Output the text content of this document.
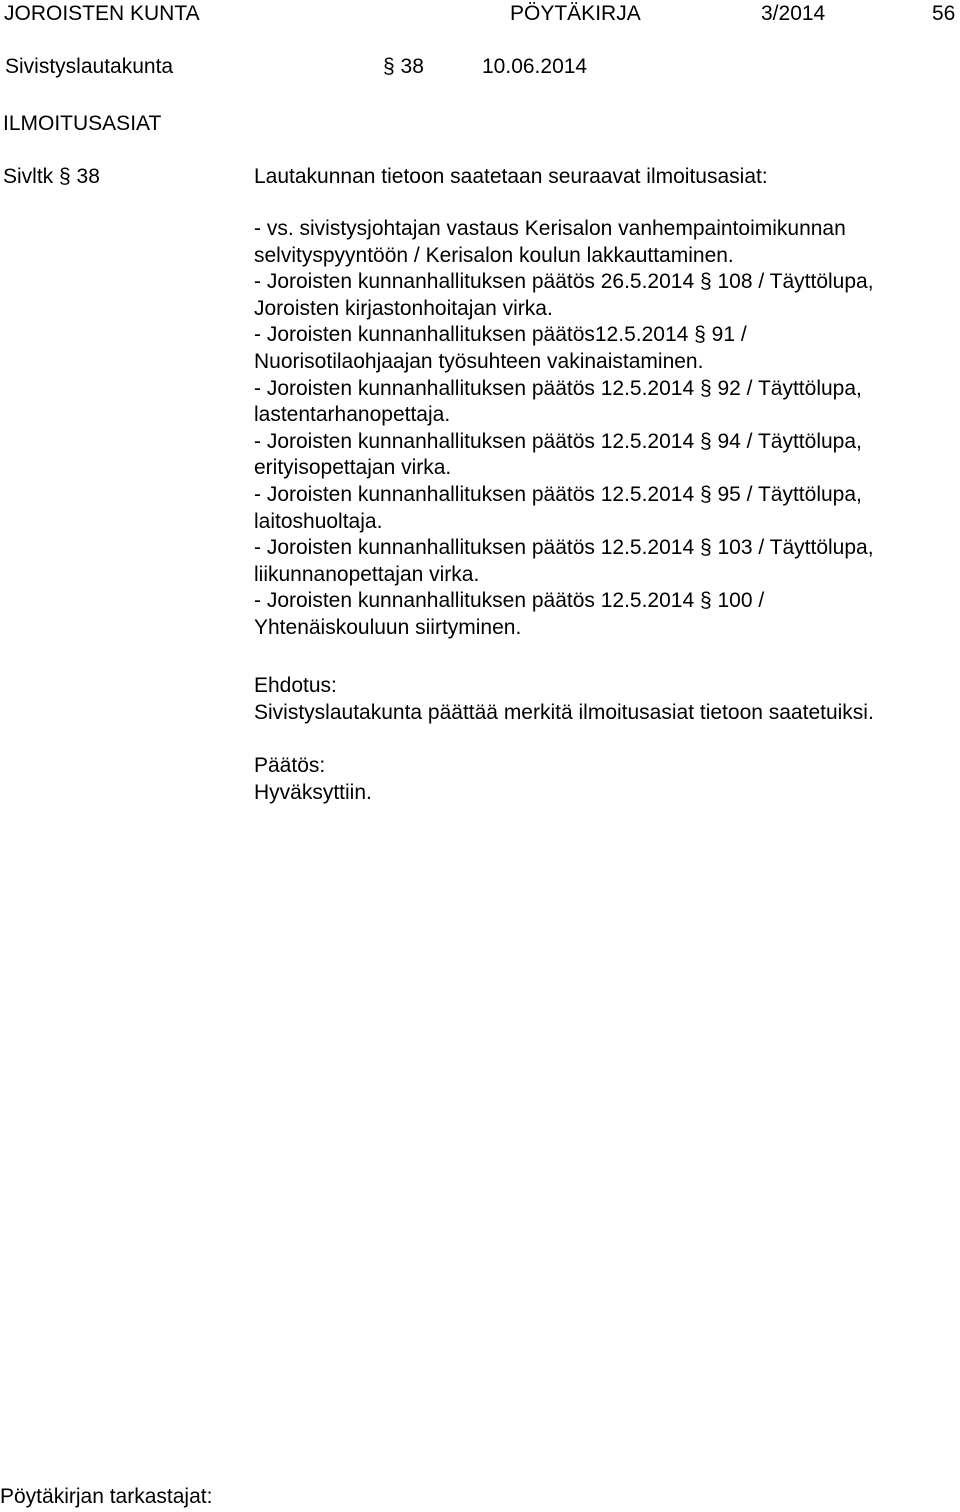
JOROISTEN KUNTA	PÖYTÄKIRJA	3/2014	56
Sivistyslautakunta	§ 38	10.06.2014
ILMOITUSASIAT
Sivltk § 38	Lautakunnan tietoon saatetaan seuraavat ilmoitusasiat:
- vs. sivistysjohtajan vastaus Kerisalon vanhempaintoimikunnan
selvityspyyntöön / Kerisalon koulun lakkauttaminen.
- Joroisten kunnanhallituksen päätös 26.5.2014 § 108 / Täyttölupa,
Joroisten kirjastonhoitajan virka.
- Joroisten kunnanhallituksen päätös12.5.2014 § 91 /
Nuorisotilaohjaajan työsuhteen vakinaistaminen.
- Joroisten kunnanhallituksen päätös 12.5.2014 § 92 / Täyttölupa,
lastentarhanopettaja.
- Joroisten kunnanhallituksen päätös 12.5.2014 § 94 / Täyttölupa,
erityisopettajan virka.
- Joroisten kunnanhallituksen päätös 12.5.2014 § 95 / Täyttölupa,
laitoshuoltaja.
- Joroisten kunnanhallituksen päätös 12.5.2014 § 103 / Täyttölupa,
liikunnanopettajan virka.
- Joroisten kunnanhallituksen päätös 12.5.2014 § 100 /
Yhtenäiskouluun siirtyminen.
Ehdotus:
Sivistyslautakunta päättää merkitä ilmoitusasiat tietoon saatetuiksi.
Päätös:
Hyväksyttiin.
Pöytäkirjan tarkastajat:
